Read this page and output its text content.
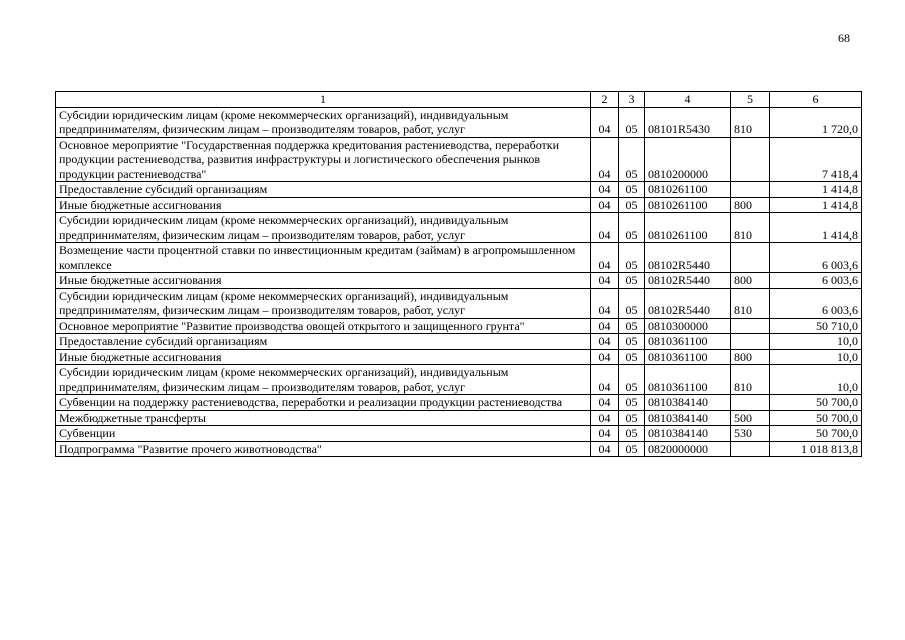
68
1	2	3	4	5	6
Субсидии юридическим лицам (кроме некоммерческих организаций), индивидуальным предпринимателям, физическим лицам – производителям товаров, работ, услуг	04	05	08101R5430	810	1 720,0
Основное мероприятие "Государственная поддержка кредитования растениеводства, переработки продукции растениеводства, развития инфраструктуры и логистического обеспечения рынков продукции растениеводства"	04	05	0810200000		7 418,4
Предоставление субсидий организациям	04	05	0810261100		1 414,8
Иные бюджетные ассигнования	04	05	0810261100	800	1 414,8
Субсидии юридическим лицам (кроме некоммерческих организаций), индивидуальным предпринимателям, физическим лицам – производителям товаров, работ, услуг	04	05	0810261100	810	1 414,8
Возмещение части процентной ставки по инвестиционным кредитам (займам) в агропромышленном комплексе	04	05	08102R5440		6 003,6
Иные бюджетные ассигнования	04	05	08102R5440	800	6 003,6
Субсидии юридическим лицам (кроме некоммерческих организаций), индивидуальным предпринимателям, физическим лицам – производителям товаров, работ, услуг	04	05	08102R5440	810	6 003,6
Основное мероприятие "Развитие производства овощей открытого и защищенного грунта"	04	05	0810300000		50 710,0
Предоставление субсидий организациям	04	05	0810361100		10,0
Иные бюджетные ассигнования	04	05	0810361100	800	10,0
Субсидии юридическим лицам (кроме некоммерческих организаций), индивидуальным предпринимателям, физическим лицам – производителям товаров, работ, услуг	04	05	0810361100	810	10,0
Субвенции на поддержку растениеводства, переработки и реализации продукции растениеводства	04	05	0810384140		50 700,0
Межбюджетные трансферты	04	05	0810384140	500	50 700,0
Субвенции	04	05	0810384140	530	50 700,0
Подпрограмма "Развитие прочего животноводства"	04	05	0820000000		1 018 813,8
